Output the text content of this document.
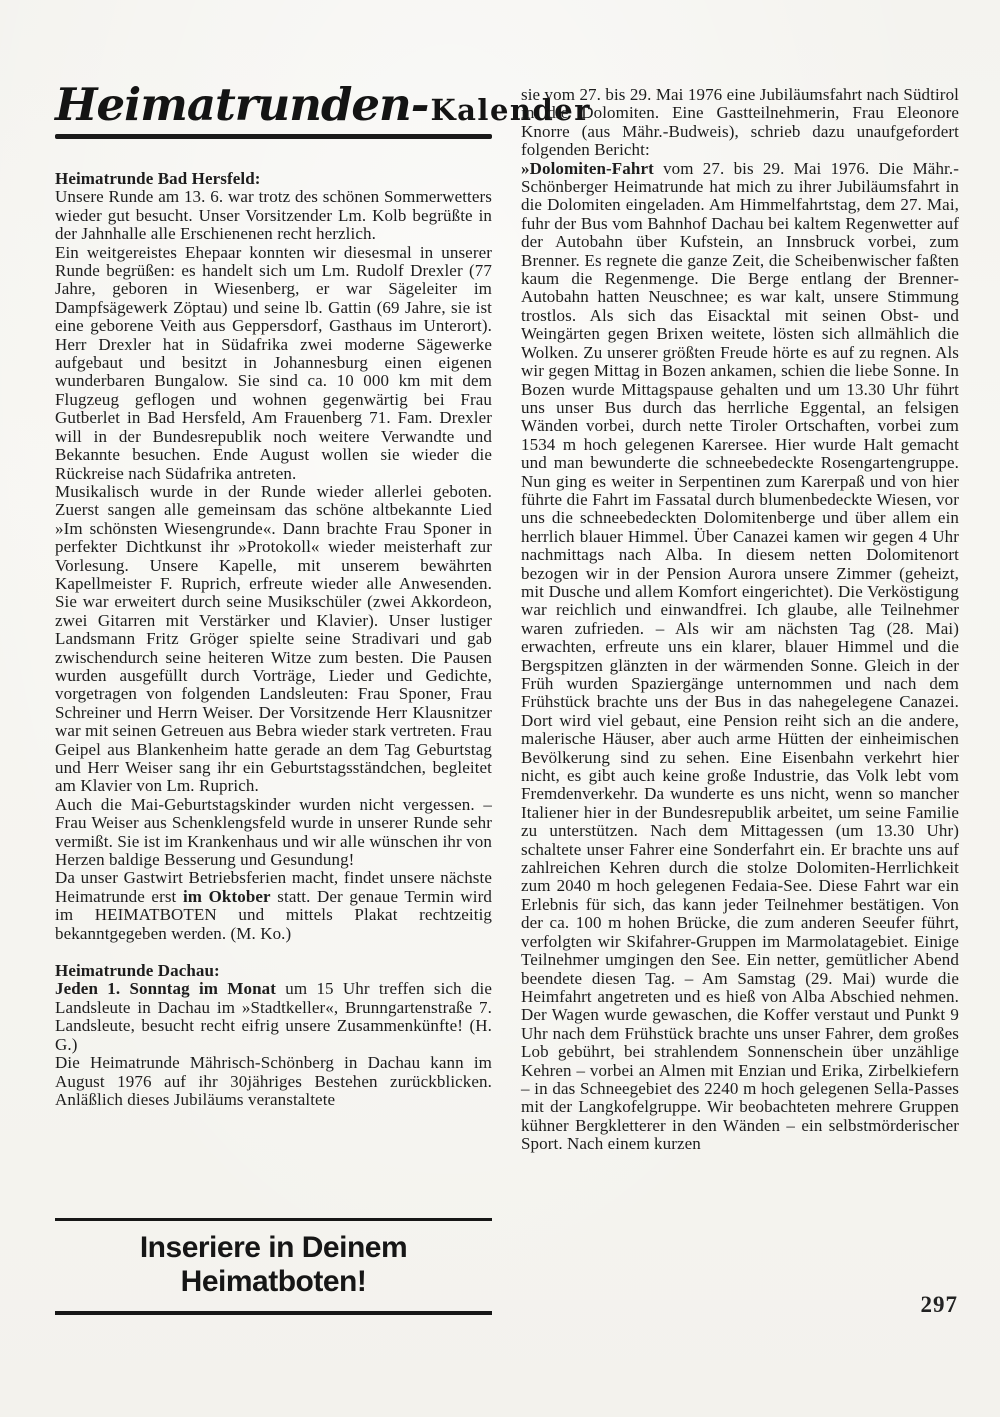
Heimatrunden- Kalender
Heimatrunde Bad Hersfeld:

Unsere Runde am 13. 6. war trotz des schönen Sommerwetters wieder gut besucht. Unser Vorsitzender Lm. Kolb begrüßte in der Jahnhalle alle Erschienenen recht herzlich.

Ein weitgereistes Ehepaar konnten wir diesesmal in unserer Runde begrüßen: es handelt sich um Lm. Rudolf Drexler (77 Jahre, geboren in Wiesenberg, er war Sägeleiter im Dampfsägewerk Zöptau) und seine lb. Gattin (69 Jahre, sie ist eine geborene Veith aus Geppersdorf, Gasthaus im Unterort). Herr Drexler hat in Südafrika zwei moderne Sägewerke aufgebaut und besitzt in Johannesburg einen eigenen wunderbaren Bungalow. Sie sind ca. 10 000 km mit dem Flugzeug geflogen und wohnen gegenwärtig bei Frau Gutberlet in Bad Hersfeld, Am Frauenberg 71. Fam. Drexler will in der Bundesrepublik noch weitere Verwandte und Bekannte besuchen. Ende August wollen sie wieder die Rückreise nach Südafrika antreten.

Musikalisch wurde in der Runde wieder allerlei geboten. Zuerst sangen alle gemeinsam das schöne altbekannte Lied »Im schönsten Wiesengrunde«. Dann brachte Frau Sponer in perfekter Dichtkunst ihr »Protokoll« wieder meisterhaft zur Vorlesung. Unsere Kapelle, mit unserem bewährten Kapellmeister F. Ruprich, erfreute wieder alle Anwesenden. Sie war erweitert durch seine Musikschüler (zwei Akkordeon, zwei Gitarren mit Verstärker und Klavier). Unser lustiger Landsmann Fritz Gröger spielte seine Stradivari und gab zwischendurch seine heiteren Witze zum besten. Die Pausen wurden ausgefüllt durch Vorträge, Lieder und Gedichte, vorgetragen von folgenden Landsleuten: Frau Sponer, Frau Schreiner und Herrn Weiser. Der Vorsitzende Herr Klausnitzer war mit seinen Getreuen aus Bebra wieder stark vertreten. Frau Geipel aus Blankenheim hatte gerade an dem Tag Geburtstag und Herr Weiser sang ihr ein Geburtstagsständchen, begleitet am Klavier von Lm. Ruprich.

Auch die Mai-Geburtstagskinder wurden nicht vergessen. – Frau Weiser aus Schenklengsfeld wurde in unserer Runde sehr vermißt. Sie ist im Krankenhaus und wir alle wünschen ihr von Herzen baldige Besserung und Gesundung!

Da unser Gastwirt Betriebsferien macht, findet unsere nächste Heimatrunde erst im Oktober statt. Der genaue Termin wird im HEIMATBOTEN und mittels Plakat rechtzeitig bekanntgegeben werden. (M. Ko.)

Heimatrunde Dachau:

Jeden 1. Sonntag im Monat um 15 Uhr treffen sich die Landsleute in Dachau im »Stadtkeller«, Brunngartenstraße 7. Landsleute, besucht recht eifrig unsere Zusammenkünfte! (H. G.)

Die Heimatrunde Mährisch-Schönberg in Dachau kann im August 1976 auf ihr 30jähriges Bestehen zurückblicken. Anläßlich dieses Jubiläums veranstaltete

Inseriere in Deinem Heimatboten!

sie vom 27. bis 29. Mai 1976 eine Jubiläumsfahrt nach Südtirol in die Dolomiten. Eine Gastteilnehmerin, Frau Eleonore Knorre (aus Mähr.-Budweis), schrieb dazu unaufgefordert folgenden Bericht:

»Dolomiten-Fahrt vom 27. bis 29. Mai 1976. Die Mähr.-Schönberger Heimatrunde hat mich zu ihrer Jubiläumsfahrt in die Dolomiten eingeladen. Am Himmelfahrtstag, dem 27. Mai, fuhr der Bus vom Bahnhof Dachau bei kaltem Regenwetter auf der Autobahn über Kufstein, an Innsbruck vorbei, zum Brenner. Es regnete die ganze Zeit, die Scheibenwischer faßten kaum die Regenmenge. Die Berge entlang der Brenner-Autobahn hatten Neuschnee; es war kalt, unsere Stimmung trostlos. Als sich das Eisacktal mit seinen Obst- und Weingärten gegen Brixen weitete, lösten sich allmählich die Wolken. Zu unserer größten Freude hörte es auf zu regnen. Als wir gegen Mittag in Bozen ankamen, schien die liebe Sonne. In Bozen wurde Mittagspause gehalten und um 13.30 Uhr führt uns unser Bus durch das herrliche Eggental, an felsigen Wänden vorbei, durch nette Tiroler Ortschaften, vorbei zum 1534 m hoch gelegenen Karersee. Hier wurde Halt gemacht und man bewunderte die schneebedeckte Rosengartengruppe. Nun ging es weiter in Serpentinen zum Karerpaß und von hier führte die Fahrt im Fassatal durch blumenbedeckte Wiesen, vor uns die schneebedeckten Dolomitenberge und über allem ein herrlich blauer Himmel. Über Canazei kamen wir gegen 4 Uhr nachmittags nach Alba. In diesem netten Dolomitenort bezogen wir in der Pension Aurora unsere Zimmer (geheizt, mit Dusche und allem Komfort eingerichtet). Die Verköstigung war reichlich und einwandfrei. Ich glaube, alle Teilnehmer waren zufrieden. – Als wir am nächsten Tag (28. Mai) erwachten, erfreute uns ein klarer, blauer Himmel und die Bergspitzen glänzten in der wärmenden Sonne. Gleich in der Früh wurden Spaziergänge unternommen und nach dem Frühstück brachte uns der Bus in das nahegelegene Canazei. Dort wird viel gebaut, eine Pension reiht sich an die andere, malerische Häuser, aber auch arme Hütten der einheimischen Bevölkerung sind zu sehen. Eine Eisenbahn verkehrt hier nicht, es gibt auch keine große Industrie, das Volk lebt vom Fremdenverkehr. Da wunderte es uns nicht, wenn so mancher Italiener hier in der Bundesrepublik arbeitet, um seine Familie zu unterstützen. Nach dem Mittagessen (um 13.30 Uhr) schaltete unser Fahrer eine Sonderfahrt ein. Er brachte uns auf zahlreichen Kehren durch die stolze Dolomiten-Herrlichkeit zum 2040 m hoch gelegenen Fedaia-See. Diese Fahrt war ein Erlebnis für sich, das kann jeder Teilnehmer bestätigen. Von der ca. 100 m hohen Brücke, die zum anderen Seeufer führt, verfolgten wir Skifahrer-Gruppen im Marmolatagebiet. Einige Teilnehmer umgingen den See. Ein netter, gemütlicher Abend beendete diesen Tag. – Am Samstag (29. Mai) wurde die Heimfahrt angetreten und es hieß von Alba Abschied nehmen. Der Wagen wurde gewaschen, die Koffer verstaut und Punkt 9 Uhr nach dem Frühstück brachte uns unser Fahrer, dem großes Lob gebührt, bei strahlendem Sonnenschein über unzählige Kehren – vorbei an Almen mit Enzian und Erika, Zirbelkiefern – in das Schneegebiet des 2240 m hoch gelegenen Sella-Passes mit der Langkofelgruppe. Wir beobachteten mehrere Gruppen kühner Bergkletterer in den Wänden – ein selbstmörderischer Sport. Nach einem kurzen

297
